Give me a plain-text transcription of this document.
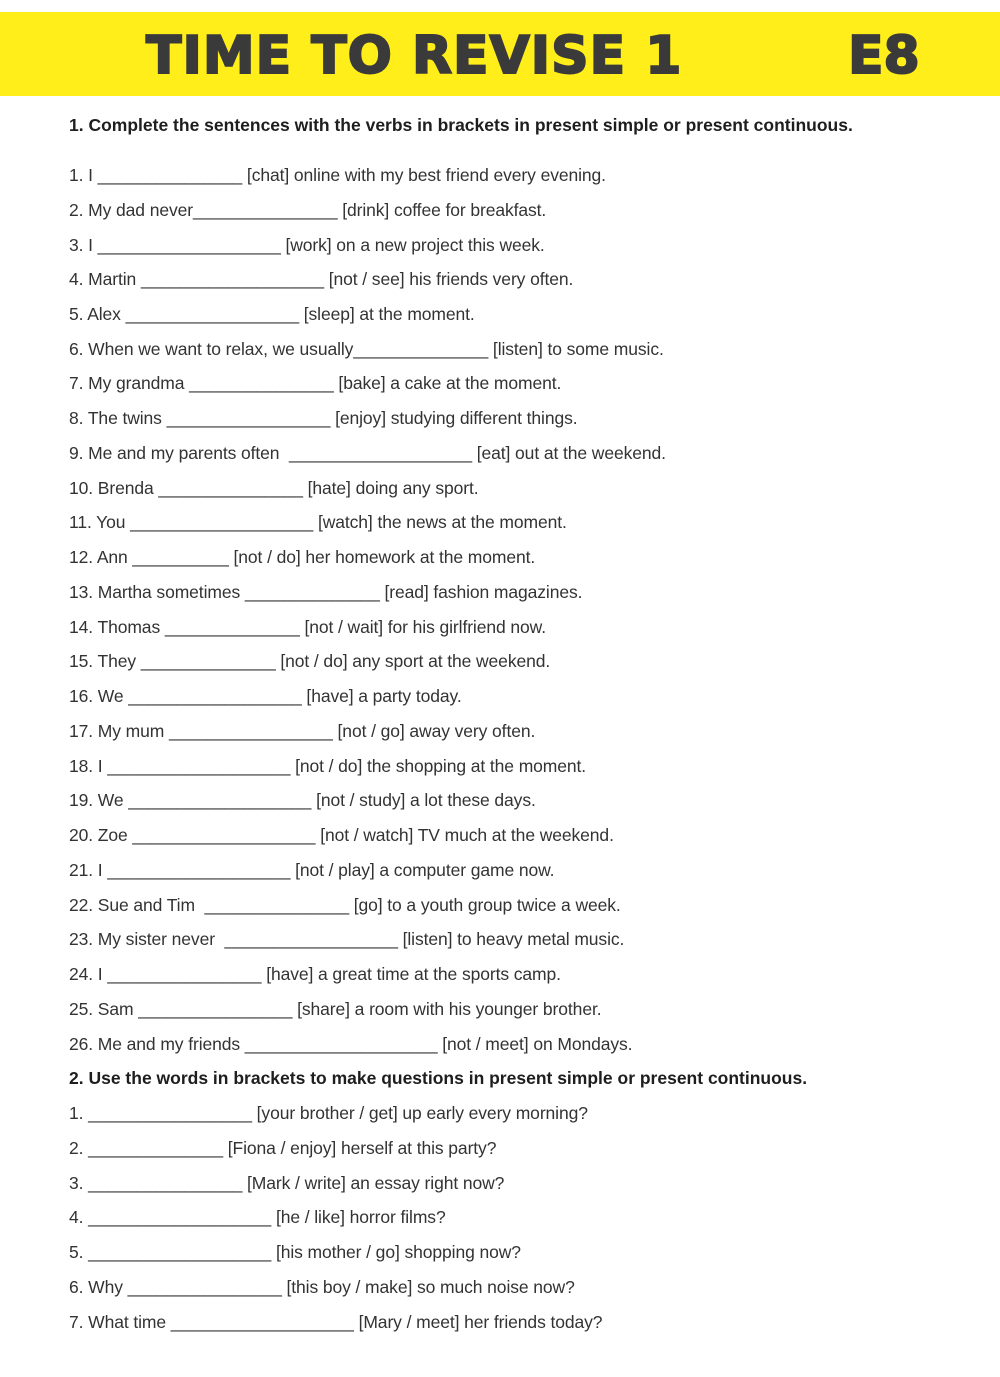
TIME TO REVISE 1	E8
1. Complete the sentences with the verbs in brackets in present simple or present continuous.
1. I _______________ [chat] online with my best friend every evening.
2. My dad never_______________ [drink] coffee for breakfast.
3. I ___________________ [work] on a new project this week.
4. Martin ___________________ [not / see] his friends very often.
5. Alex __________________ [sleep] at the moment.
6. When we want to relax, we usually______________ [listen] to some music.
7. My grandma _______________ [bake] a cake at the moment.
8. The twins _________________ [enjoy] studying different things.
9. Me and my parents often  ___________________ [eat] out at the weekend.
10. Brenda _______________ [hate] doing any sport.
11. You ___________________ [watch] the news at the moment.
12. Ann __________ [not / do] her homework at the moment.
13. Martha sometimes ______________ [read] fashion magazines.
14. Thomas ______________ [not / wait] for his girlfriend now.
15. They ______________ [not / do] any sport at the weekend.
16. We __________________ [have] a party today.
17. My mum _________________ [not / go] away very often.
18. I ___________________ [not / do] the shopping at the moment.
19. We ___________________ [not / study] a lot these days.
20. Zoe ___________________ [not / watch] TV much at the weekend.
21. I ___________________ [not / play] a computer game now.
22. Sue and Tim  _______________ [go] to a youth group twice a week.
23. My sister never  __________________ [listen] to heavy metal music.
24. I ________________ [have] a great time at the sports camp.
25. Sam ________________ [share] a room with his younger brother.
26. Me and my friends ____________________ [not / meet] on Mondays.
2. Use the words in brackets to make questions in present simple or present continuous.
1. _________________ [your brother / get] up early every morning?
2. ______________ [Fiona / enjoy] herself at this party?
3. ________________ [Mark / write] an essay right now?
4. ___________________ [he / like] horror films?
5. ___________________ [his mother / go] shopping now?
6. Why ________________ [this boy / make] so much noise now?
7. What time ___________________ [Mary / meet] her friends today?
